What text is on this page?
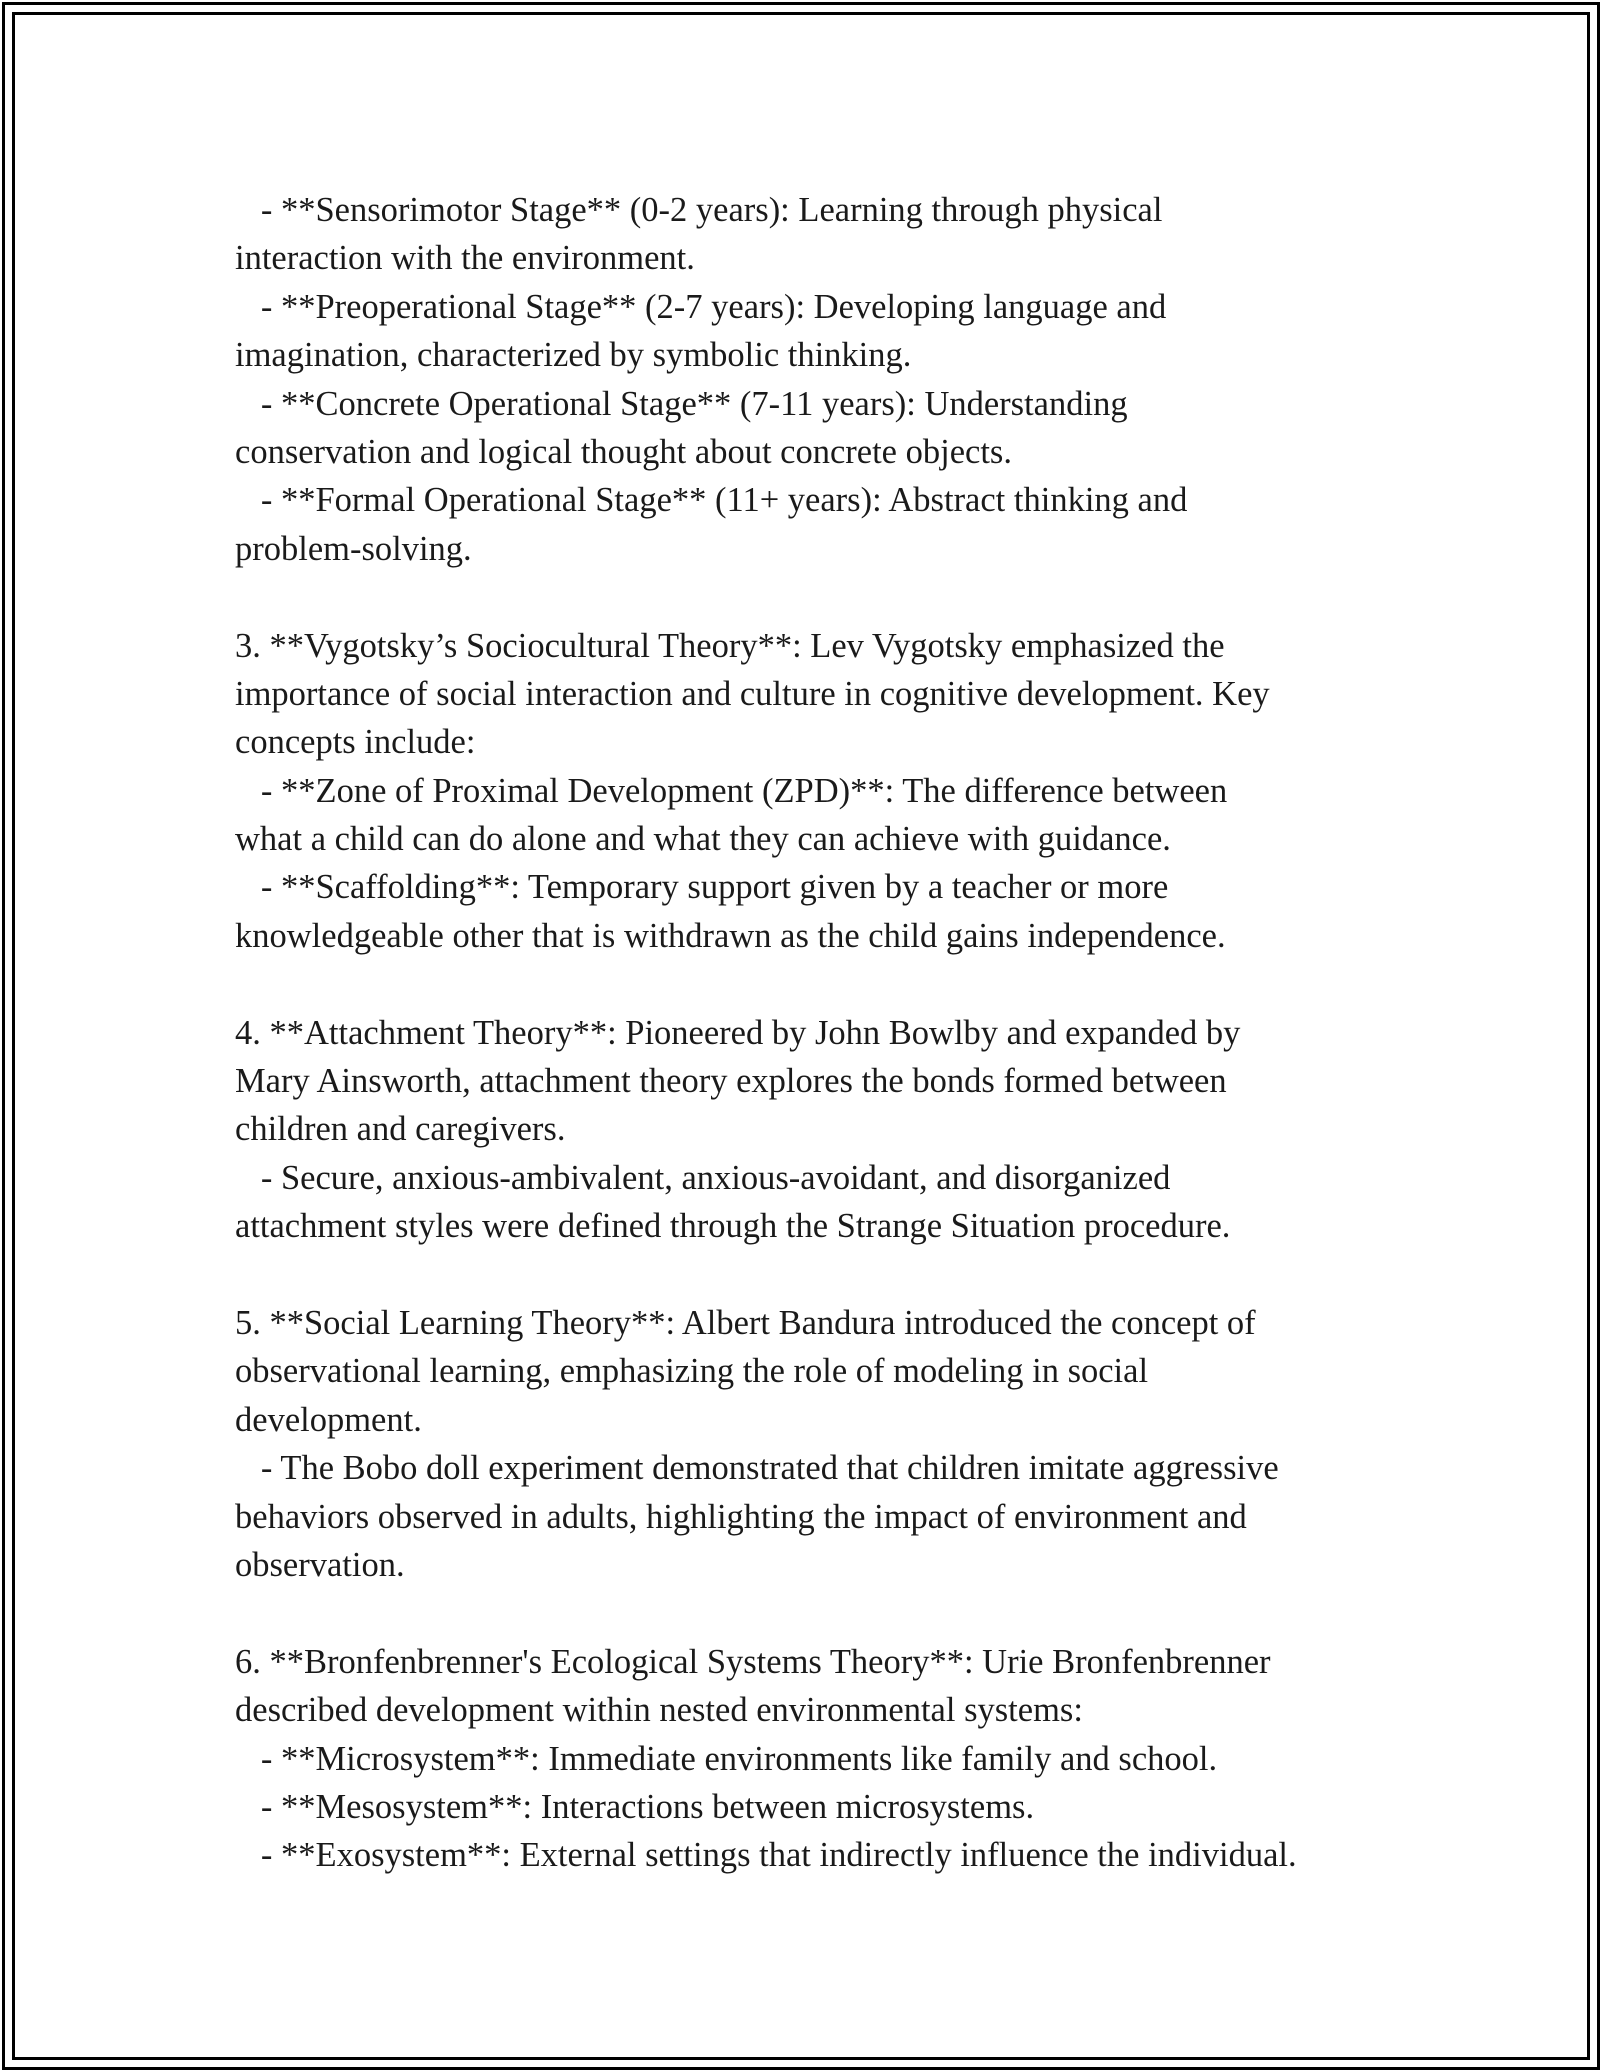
- **Sensorimotor Stage** (0-2 years): Learning through physical
interaction with the environment.
- **Preoperational Stage** (2-7 years): Developing language and
imagination, characterized by symbolic thinking.
- **Concrete Operational Stage** (7-11 years): Understanding
conservation and logical thought about concrete objects.
- **Formal Operational Stage** (11+ years): Abstract thinking and
problem-solving.
3. **Vygotsky’s Sociocultural Theory**: Lev Vygotsky emphasized the
importance of social interaction and culture in cognitive development. Key
concepts include:
- **Zone of Proximal Development (ZPD)**: The difference between
what a child can do alone and what they can achieve with guidance.
- **Scaffolding**: Temporary support given by a teacher or more
knowledgeable other that is withdrawn as the child gains independence.
4. **Attachment Theory**: Pioneered by John Bowlby and expanded by
Mary Ainsworth, attachment theory explores the bonds formed between
children and caregivers.
- Secure, anxious-ambivalent, anxious-avoidant, and disorganized
attachment styles were defined through the Strange Situation procedure.
5. **Social Learning Theory**: Albert Bandura introduced the concept of
observational learning, emphasizing the role of modeling in social
development.
- The Bobo doll experiment demonstrated that children imitate aggressive
behaviors observed in adults, highlighting the impact of environment and
observation.
6. **Bronfenbrenner's Ecological Systems Theory**: Urie Bronfenbrenner
described development within nested environmental systems:
- **Microsystem**: Immediate environments like family and school.
- **Mesosystem**: Interactions between microsystems.
- **Exosystem**: External settings that indirectly influence the individual.
